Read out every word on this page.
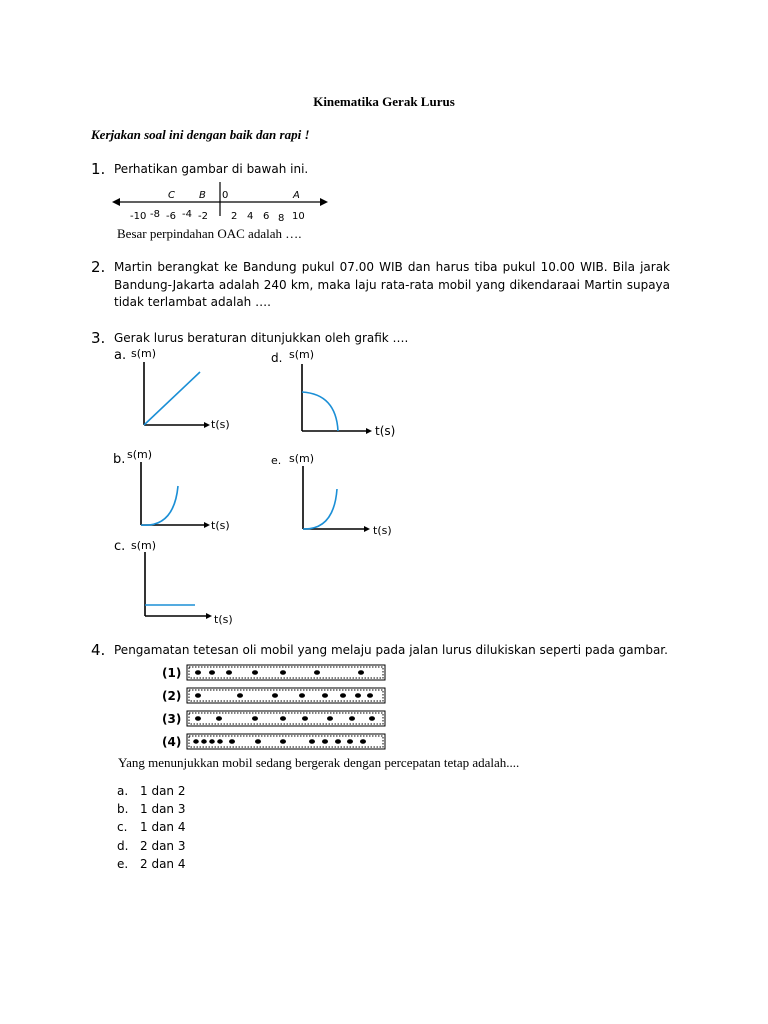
Kinematika Gerak Lurus
Kerjakan soal ini dengan baik dan rapi !
1. Perhatikan gambar di bawah ini.
C B 0	A
-10 -8 -6 -4 -2 2 4 6 8 10
Besar perpindahan OAC adalah ….
2. Martin berangkat ke Bandung pukul 07.00 WIB dan harus tiba pukul 10.00 WIB. Bila jarak Bandung-Jakarta adalah 240 km, maka laju rata-rata mobil yang dikendaraai Martin supaya tidak terlambat adalah ….
3. Gerak lurus beraturan ditunjukkan oleh grafik ….
a. s(m)
t(s)
b. s(m)
t(s)
c. s(m)
t(s)
d. s(m)
t(s)
e. s(m)
t(s)
4. Pengamatan tetesan oli mobil yang melaju pada jalan lurus dilukiskan seperti pada gambar.
(1)
(2)
(3)
(4)
Yang menunjukkan mobil sedang bergerak dengan percepatan tetap adalah....
a. 1 dan 2
b. 1 dan 3
c.	1 dan 4
d. 2 dan 3
e. 2 dan 4
